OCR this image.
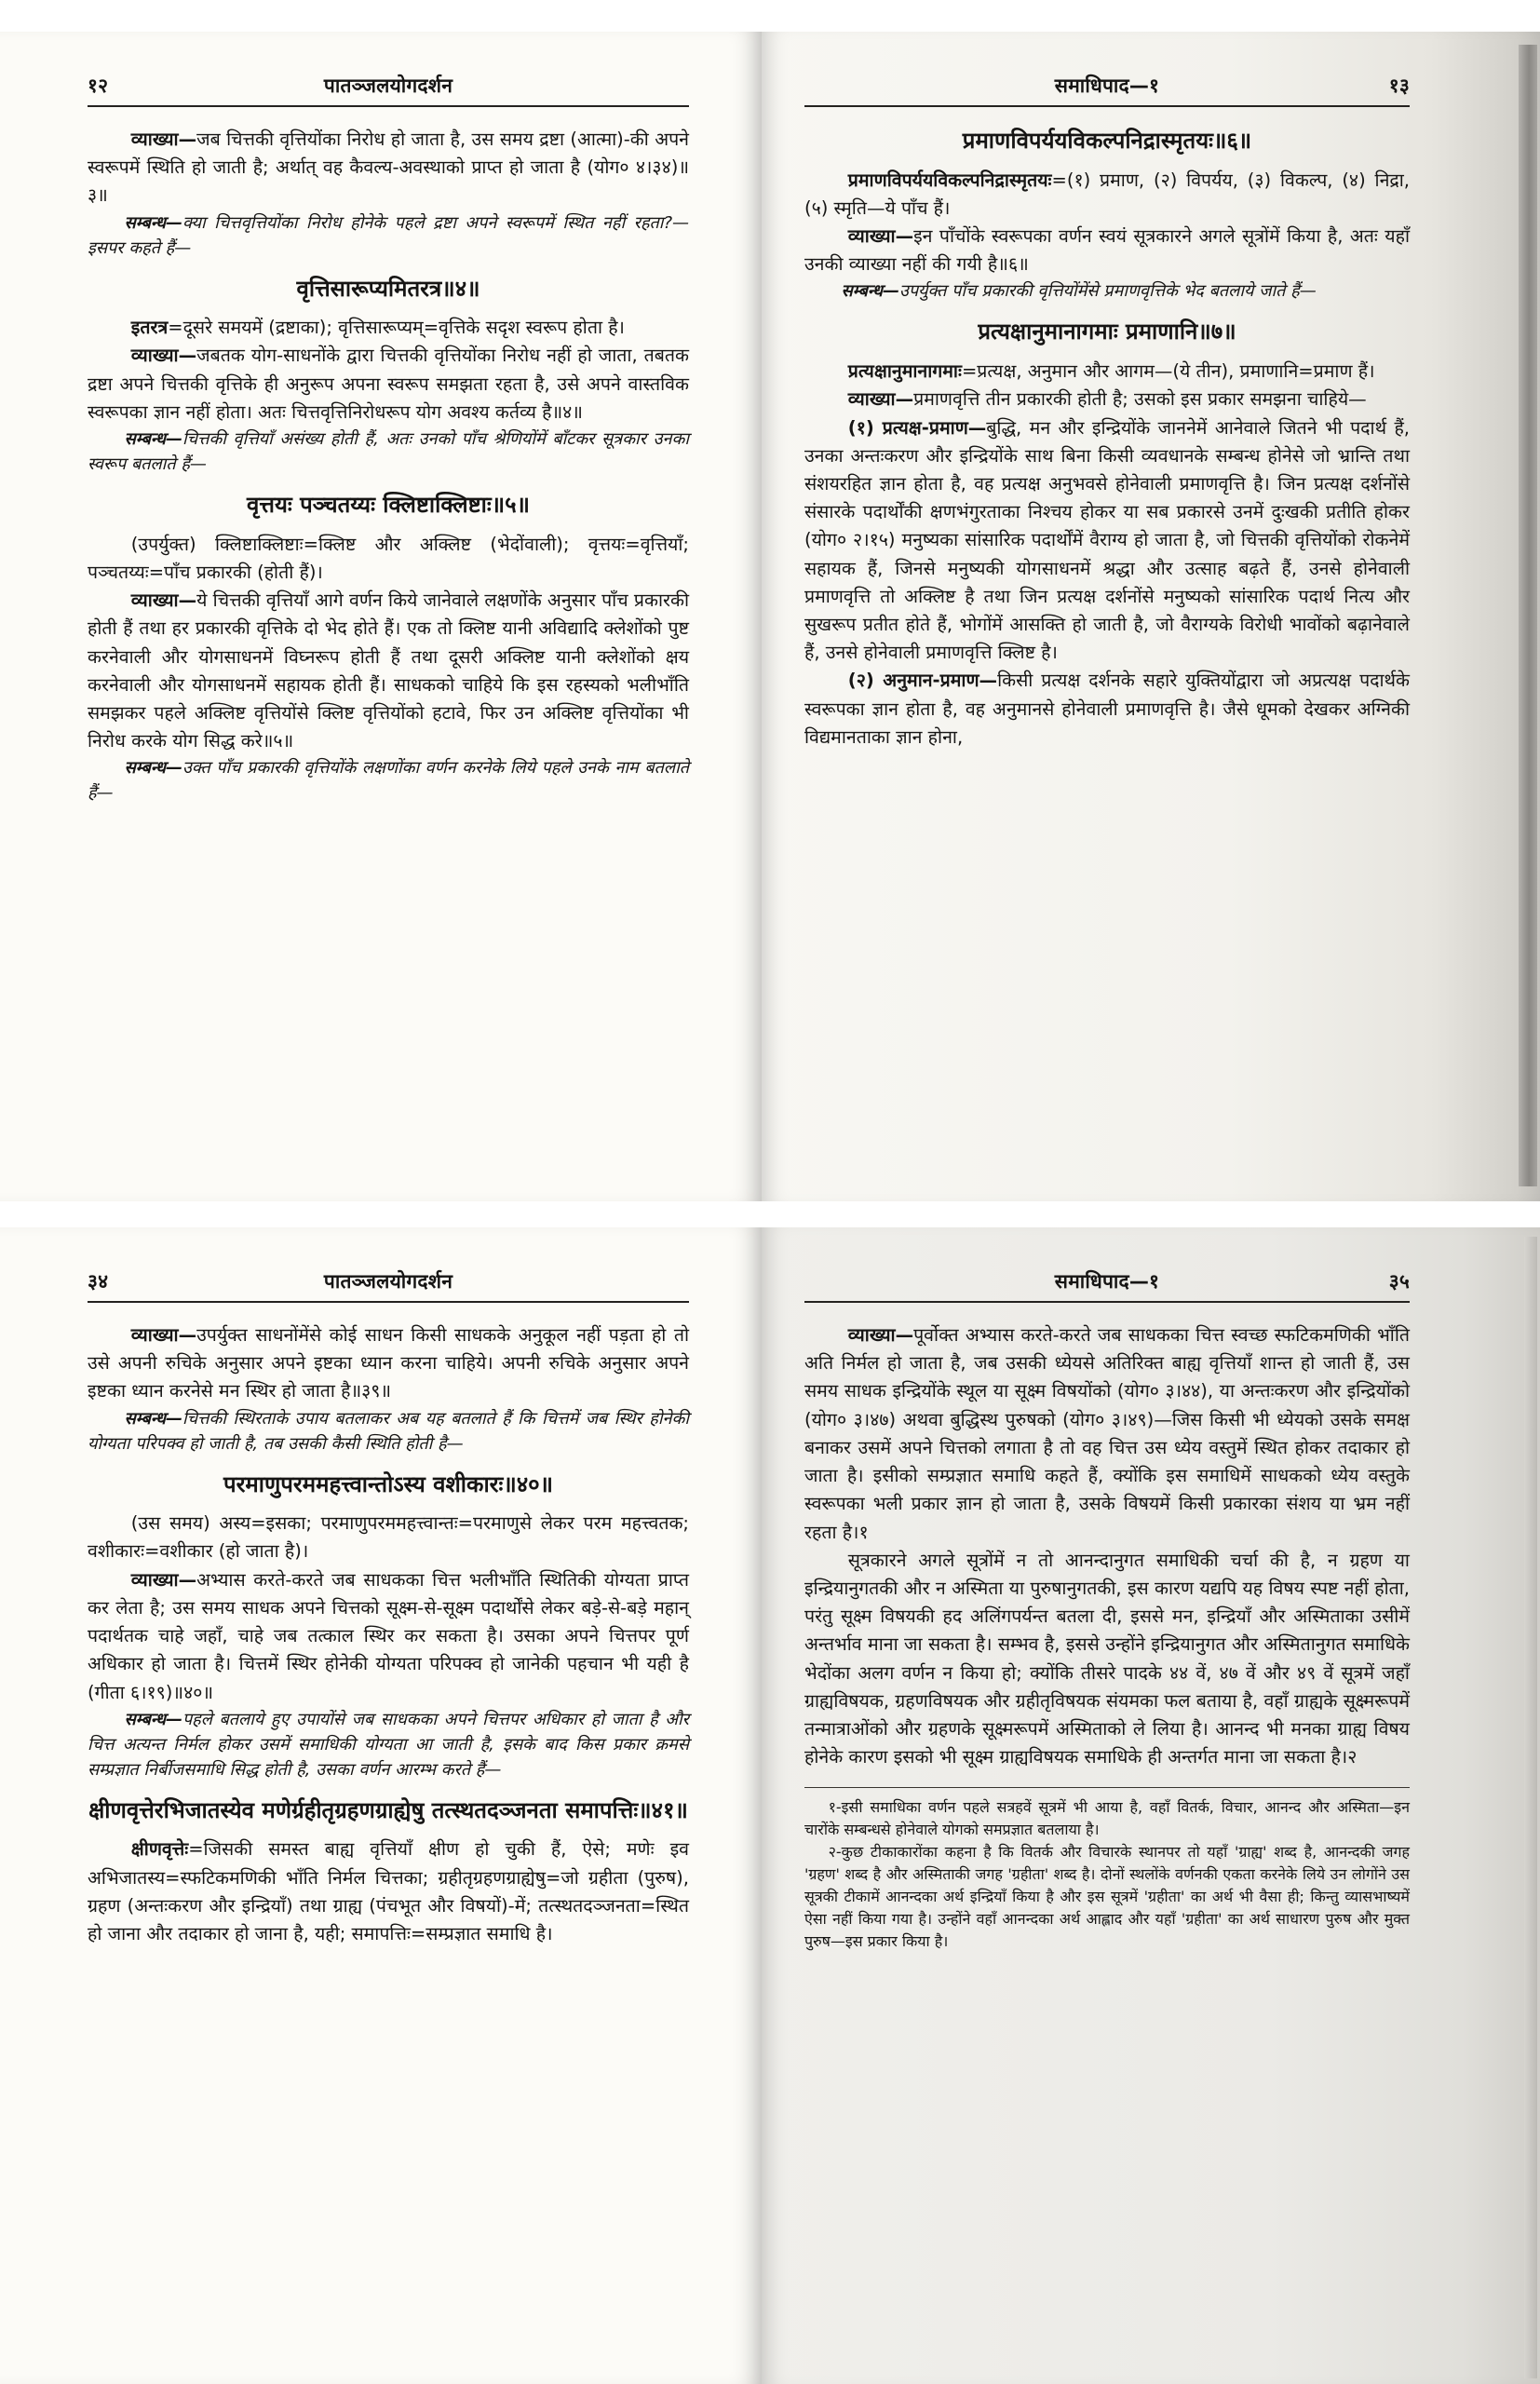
१२	पातञ्जलयोगदर्शन

व्याख्या—जब चित्तकी वृत्तियोंका निरोध हो जाता है, उस समय द्रष्टा (आत्मा)-की अपने स्वरूपमें स्थिति हो जाती है; अर्थात् वह कैवल्य-अवस्थाको प्राप्त हो जाता है (योग० ४।३४)॥३॥

सम्बन्ध—क्या चित्तवृत्तियोंका निरोध होनेके पहले द्रष्टा अपने स्वरूपमें स्थित नहीं रहता?—इसपर कहते हैं—

वृत्तिसारूप्यमितरत्र॥४॥

इतरत्र=दूसरे समयमें (द्रष्टाका); वृत्तिसारूप्यम्=वृत्तिके सदृश स्वरूप होता है।

व्याख्या—जबतक योग-साधनोंके द्वारा चित्तकी वृत्तियोंका निरोध नहीं हो जाता, तबतक द्रष्टा अपने चित्तकी वृत्तिके ही अनुरूप अपना स्वरूप समझता रहता है, उसे अपने वास्तविक स्वरूपका ज्ञान नहीं होता। अतः चित्तवृत्तिनिरोधरूप योग अवश्य कर्तव्य है॥४॥

सम्बन्ध—चित्तकी वृत्तियाँ असंख्य होती हैं, अतः उनको पाँच श्रेणियोंमें बाँटकर सूत्रकार उनका स्वरूप बतलाते हैं—

वृत्तयः पञ्चतय्यः क्लिष्टाक्लिष्टाः॥५॥

(उपर्युक्त) क्लिष्टाक्लिष्टाः=क्लिष्ट और अक्लिष्ट (भेदोंवाली); वृत्तयः=वृत्तियाँ; पञ्चतय्यः=पाँच प्रकारकी (होती हैं)।

व्याख्या—ये चित्तकी वृत्तियाँ आगे वर्णन किये जानेवाले लक्षणोंके अनुसार पाँच प्रकारकी होती हैं तथा हर प्रकारकी वृत्तिके दो भेद होते हैं। एक तो क्लिष्ट यानी अविद्यादि क्लेशोंको पुष्ट करनेवाली और योगसाधनमें विघ्नरूप होती हैं तथा दूसरी अक्लिष्ट यानी क्लेशोंको क्षय करनेवाली और योगसाधनमें सहायक होती हैं। साधकको चाहिये कि इस रहस्यको भलीभाँति समझकर पहले अक्लिष्ट वृत्तियोंसे क्लिष्ट वृत्तियोंको हटावे, फिर उन अक्लिष्ट वृत्तियोंका भी निरोध करके योग सिद्ध करे॥५॥

सम्बन्ध—उक्त पाँच प्रकारकी वृत्तियोंके लक्षणोंका वर्णन करनेके लिये पहले उनके नाम बतलाते हैं—

समाधिपाद—१	१३
प्रमाणविपर्ययविकल्पनिद्रास्मृतयः॥६॥

प्रमाणविपर्ययविकल्पनिद्रास्मृतयः=(१) प्रमाण, (२) विपर्यय, (३) विकल्प, (४) निद्रा, (५) स्मृति—ये पाँच हैं।

व्याख्या—इन पाँचोंके स्वरूपका वर्णन स्वयं सूत्रकारने अगले सूत्रोंमें किया है, अतः यहाँ उनकी व्याख्या नहीं की गयी है॥६॥

सम्बन्ध—उपर्युक्त पाँच प्रकारकी वृत्तियोंमेंसे प्रमाणवृत्तिके भेद बतलाये जाते हैं—

प्रत्यक्षानुमानागमाः प्रमाणानि॥७॥

प्रत्यक्षानुमानागमाः=प्रत्यक्ष, अनुमान और आगम—(ये तीन), प्रमाणानि=प्रमाण हैं।

व्याख्या—प्रमाणवृत्ति तीन प्रकारकी होती है; उसको इस प्रकार समझना चाहिये—

(१) प्रत्यक्ष-प्रमाण—बुद्धि, मन और इन्द्रियोंके जाननेमें आनेवाले जितने भी पदार्थ हैं, उनका अन्तःकरण और इन्द्रियोंके साथ बिना किसी व्यवधानके सम्बन्ध होनेसे जो भ्रान्ति तथा संशयरहित ज्ञान होता है, वह प्रत्यक्ष अनुभवसे होनेवाली प्रमाणवृत्ति है। जिन प्रत्यक्ष दर्शनोंसे संसारके पदार्थोंकी क्षणभंगुरताका निश्चय होकर या सब प्रकारसे उनमें दुःखकी प्रतीति होकर (योग० २।१५) मनुष्यका सांसारिक पदार्थोंमें वैराग्य हो जाता है, जो चित्तकी वृत्तियोंको रोकनेमें सहायक हैं, जिनसे मनुष्यकी योगसाधनमें श्रद्धा और उत्साह बढ़ते हैं, उनसे होनेवाली प्रमाणवृत्ति तो अक्लिष्ट है तथा जिन प्रत्यक्ष दर्शनोंसे मनुष्यको सांसारिक पदार्थ नित्य और सुखरूप प्रतीत होते हैं, भोगोंमें आसक्ति हो जाती है, जो वैराग्यके विरोधी भावोंको बढ़ानेवाले हैं, उनसे होनेवाली प्रमाणवृत्ति क्लिष्ट है।

(२) अनुमान-प्रमाण—किसी प्रत्यक्ष दर्शनके सहारे युक्तियोंद्वारा जो अप्रत्यक्ष पदार्थके स्वरूपका ज्ञान होता है, वह अनुमानसे होनेवाली प्रमाणवृत्ति है। जैसे धूमको देखकर अग्निकी विद्यमानताका ज्ञान होना,

३४	पातञ्जलयोगदर्शन

व्याख्या—उपर्युक्त साधनोंमेंसे कोई साधन किसी साधकके अनुकूल नहीं पड़ता हो तो उसे अपनी रुचिके अनुसार अपने इष्टका ध्यान करना चाहिये। अपनी रुचिके अनुसार अपने इष्टका ध्यान करनेसे मन स्थिर हो जाता है॥३९॥

सम्बन्ध—चित्तकी स्थिरताके उपाय बतलाकर अब यह बतलाते हैं कि चित्तमें जब स्थिर होनेकी योग्यता परिपक्व हो जाती है, तब उसकी कैसी स्थिति होती है—

परमाणुपरममहत्त्वान्तोऽस्य वशीकारः॥४०॥

(उस समय) अस्य=इसका; परमाणुपरममहत्त्वान्तः=परमाणुसे लेकर परम महत्त्वतक; वशीकारः=वशीकार (हो जाता है)।

व्याख्या—अभ्यास करते-करते जब साधकका चित्त भलीभाँति स्थितिकी योग्यता प्राप्त कर लेता है; उस समय साधक अपने चित्तको सूक्ष्म-से-सूक्ष्म पदार्थोंसे लेकर बड़े-से-बड़े महान् पदार्थतक चाहे जहाँ, चाहे जब तत्काल स्थिर कर सकता है। उसका अपने चित्तपर पूर्ण अधिकार हो जाता है। चित्तमें स्थिर होनेकी योग्यता परिपक्व हो जानेकी पहचान भी यही है (गीता ६।१९)॥४०॥

सम्बन्ध—पहले बतलाये हुए उपायोंसे जब साधकका अपने चित्तपर अधिकार हो जाता है और चित्त अत्यन्त निर्मल होकर उसमें समाधिकी योग्यता आ जाती है, इसके बाद किस प्रकार क्रमसे सम्प्रज्ञात निर्बीजसमाधि सिद्ध होती है, उसका वर्णन आरम्भ करते हैं—

क्षीणवृत्तेरभिजातस्येव मणेर्ग्रहीतृग्रहणग्राह्येषु तत्स्थतदञ्जनता समापत्तिः॥४१॥

क्षीणवृत्तेः=जिसकी समस्त बाह्य वृत्तियाँ क्षीण हो चुकी हैं, ऐसे; मणेः इव अभिजातस्य=स्फटिकमणिकी भाँति निर्मल चित्तका; ग्रहीतृग्रहणग्राह्येषु=जो ग्रहीता (पुरुष), ग्रहण (अन्तःकरण और इन्द्रियाँ) तथा ग्राह्य (पंचभूत और विषयों)-में; तत्स्थतदञ्जनता=स्थित हो जाना और तदाकार हो जाना है, यही; समापत्तिः=सम्प्रज्ञात समाधि है।

समाधिपाद—१	३५

व्याख्या—पूर्वोक्त अभ्यास करते-करते जब साधकका चित्त स्वच्छ स्फटिकमणिकी भाँति अति निर्मल हो जाता है, जब उसकी ध्येयसे अतिरिक्त बाह्य वृत्तियाँ शान्त हो जाती हैं, उस समय साधक इन्द्रियोंके स्थूल या सूक्ष्म विषयोंको (योग० ३।४४), या अन्तःकरण और इन्द्रियोंको (योग० ३।४७) अथवा बुद्धिस्थ पुरुषको (योग० ३।४९)—जिस किसी भी ध्येयको उसके समक्ष बनाकर उसमें अपने चित्तको लगाता है तो वह चित्त उस ध्येय वस्तुमें स्थित होकर तदाकार हो जाता है। इसीको सम्प्रज्ञात समाधि कहते हैं, क्योंकि इस समाधिमें साधकको ध्येय वस्तुके स्वरूपका भली प्रकार ज्ञान हो जाता है, उसके विषयमें किसी प्रकारका संशय या भ्रम नहीं रहता है।१

सूत्रकारने अगले सूत्रोंमें न तो आनन्दानुगत समाधिकी चर्चा की है, न ग्रहण या इन्द्रियानुगतकी और न अस्मिता या पुरुषानुगतकी, इस कारण यद्यपि यह विषय स्पष्ट नहीं होता, परंतु सूक्ष्म विषयकी हद अलिंगपर्यन्त बतला दी, इससे मन, इन्द्रियाँ और अस्मिताका उसीमें अन्तर्भाव माना जा सकता है। सम्भव है, इससे उन्होंने इन्द्रियानुगत और अस्मितानुगत समाधिके भेदोंका अलग वर्णन न किया हो; क्योंकि तीसरे पादके ४४ वें, ४७ वें और ४९ वें सूत्रमें जहाँ ग्राह्यविषयक, ग्रहणविषयक और ग्रहीतृविषयक संयमका फल बताया है, वहाँ ग्राह्यके सूक्ष्मरूपमें तन्मात्राओंको और ग्रहणके सूक्ष्मरूपमें अस्मिताको ले लिया है। आनन्द भी मनका ग्राह्य विषय होनेके कारण इसको भी सूक्ष्म ग्राह्यविषयक समाधिके ही अन्तर्गत माना जा सकता है।२

१-इसी समाधिका वर्णन पहले सत्रहवें सूत्रमें भी आया है, वहाँ वितर्क, विचार, आनन्द और अस्मिता—इन चारोंके सम्बन्धसे होनेवाले योगको समप्रज्ञात बतलाया है।

२-कुछ टीकाकारोंका कहना है कि वितर्क और विचारके स्थानपर तो यहाँ 'ग्राह्य' शब्द है, आनन्दकी जगह 'ग्रहण' शब्द है और अस्मिताकी जगह 'ग्रहीता' शब्द है। दोनों स्थलोंके वर्णनकी एकता करनेके लिये उन लोगोंने उस सूत्रकी टीकामें आनन्दका अर्थ इन्द्रियाँ किया है और इस सूत्रमें 'ग्रहीता' का अर्थ भी वैसा ही; किन्तु व्यासभाष्यमें ऐसा नहीं किया गया है। उन्होंने वहाँ आनन्दका अर्थ आह्लाद और यहाँ 'ग्रहीता' का अर्थ साधारण पुरुष और मुक्त पुरुष—इस प्रकार किया है।
